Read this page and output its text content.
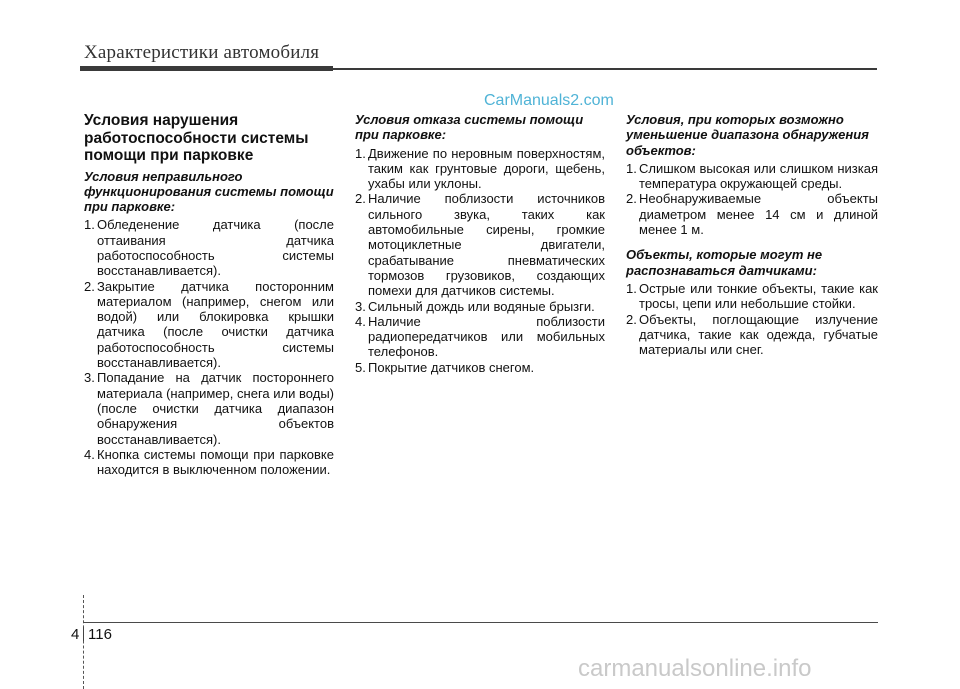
Характеристики автомобиля
CarManuals2.com
Условия нарушения работоспособности системы помощи при парковке
Условия неправильного функционирования системы помощи при парковке:
1. Обледенение датчика (после оттаивания датчика работоспособность системы восстанавливается).
2. Закрытие датчика посторонним материалом (например, снегом или водой) или блокировка крышки датчика (после очистки датчика работоспособность системы восстанавливается).
3. Попадание на датчик постороннего материала (например, снега или воды) (после очистки датчика диапазон обнаружения объектов восстанавливается).
4. Кнопка системы помощи при парковке находится в выключенном положении.
Условия отказа системы помощи при парковке:
1. Движение по неровным поверхностям, таким как грунтовые дороги, щебень, ухабы или уклоны.
2. Наличие поблизости источников сильного звука, таких как автомобильные сирены, громкие мотоциклетные двигатели, срабатывание пневматических тормозов грузовиков, создающих помехи для датчиков системы.
3. Сильный дождь или водяные брызги.
4. Наличие поблизости радиопередатчиков или мобильных телефонов.
5. Покрытие датчиков снегом.
Условия, при которых возможно уменьшение диапазона обнаружения объектов:
1. Слишком высокая или слишком низкая температура окружающей среды.
2. Необнаруживаемые объекты диаметром менее 14 см и длиной менее 1 м.
Объекты, которые могут не распознаваться датчиками:
1. Острые или тонкие объекты, такие как тросы, цепи или небольшие стойки.
2. Объекты, поглощающие излучение датчика, такие как одежда, губчатые материалы или снег.
4 116
carmanualsonline.info
